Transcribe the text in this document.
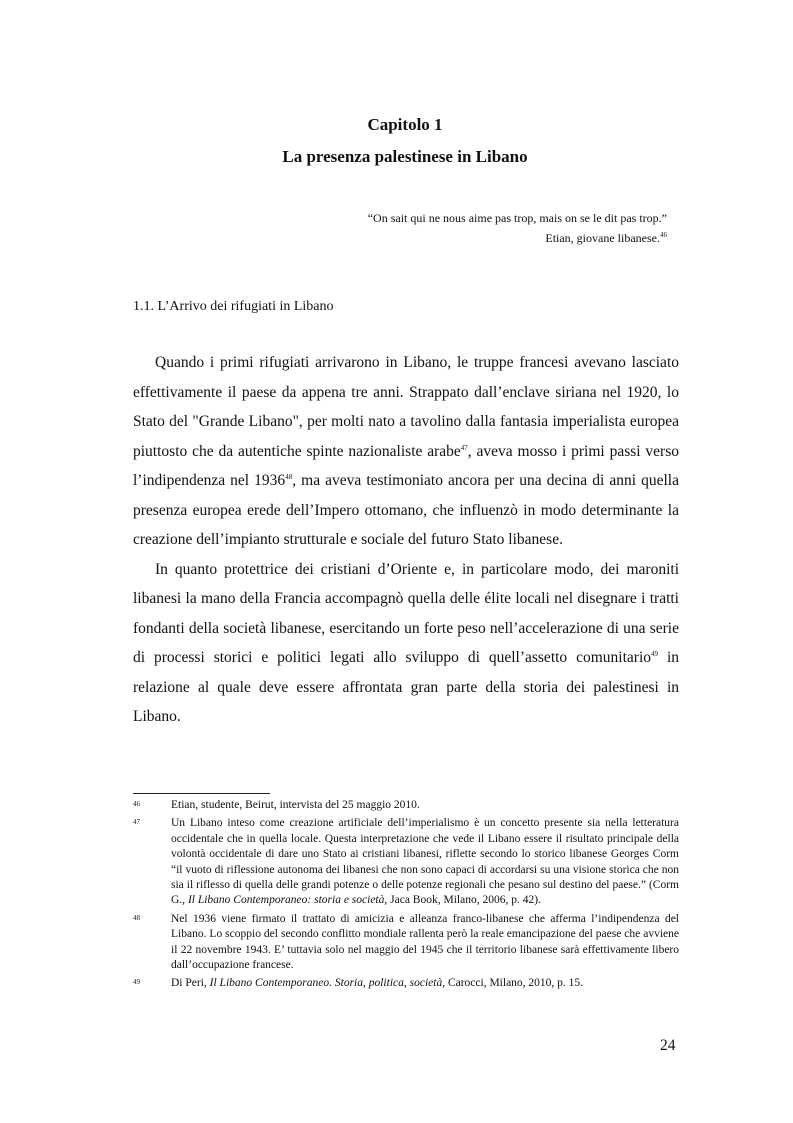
Capitolo 1
La presenza palestinese in Libano
“On sait qui ne nous aime pas trop, mais on se le dit pas trop.”
Etian, giovane libanese.$^{46}$
1.1. L’Arrivo dei rifugiati in Libano

Quando i primi rifugiati arrivarono in Libano, le truppe francesi avevano lasciato effettivamente il paese da appena tre anni. Strappato dall’enclave siriana nel 1920, lo Stato del "Grande Libano", per molti nato a tavolino dalla fantasia imperialista europea piuttosto che da autentiche spinte nazionaliste arabe$^{47}$, aveva mosso i primi passi verso l’indipendenza nel 1936$^{48}$, ma aveva testimoniato ancora per una decina di anni quella presenza europea erede dell’Impero ottomano, che influenzò in modo determinante la creazione dell’impianto strutturale e sociale del futuro Stato libanese.

In quanto protettrice dei cristiani d’Oriente e, in particolare modo, dei maroniti libanesi la mano della Francia accompagnò quella delle élite locali nel disegnare i tratti fondanti della società libanese, esercitando un forte peso nell’accelerazione di una serie di processi storici e politici legati allo sviluppo di quell’assetto comunitario$^{49}$ in relazione al quale deve essere affrontata gran parte della storia dei palestinesi in Libano.

46	Etian, studente, Beirut, intervista del 25 maggio 2010.
47	Un Libano inteso come creazione artificiale dell’imperialismo è un concetto presente sia nella letteratura occidentale che in quella locale. Questa interpretazione che vede il Libano essere il risultato principale della volontà occidentale di dare uno Stato ai cristiani libanesi, riflette secondo lo storico libanese Georges Corm “il vuoto di riflessione autonoma dei libanesi che non sono capaci di accordarsi su una visione storica che non sia il riflesso di quella delle grandi potenze o delle potenze regionali che pesano sul destino del paese.” (Corm G., Il Libano Contemporaneo: storia e società, Jaca Book, Milano, 2006, p. 42).
48	Nel 1936 viene firmato il trattato di amicizia e alleanza franco-libanese che afferma l’indipendenza del Libano. Lo scoppio del secondo conflitto mondiale rallenta però la reale emancipazione del paese che avviene il 22 novembre 1943. E’ tuttavia solo nel maggio del 1945 che il territorio libanese sarà effettivamente libero dall’occupazione francese.
49	Di Peri, Il Libano Contemporaneo. Storia, politica, società, Carocci, Milano, 2010, p. 15.
24
